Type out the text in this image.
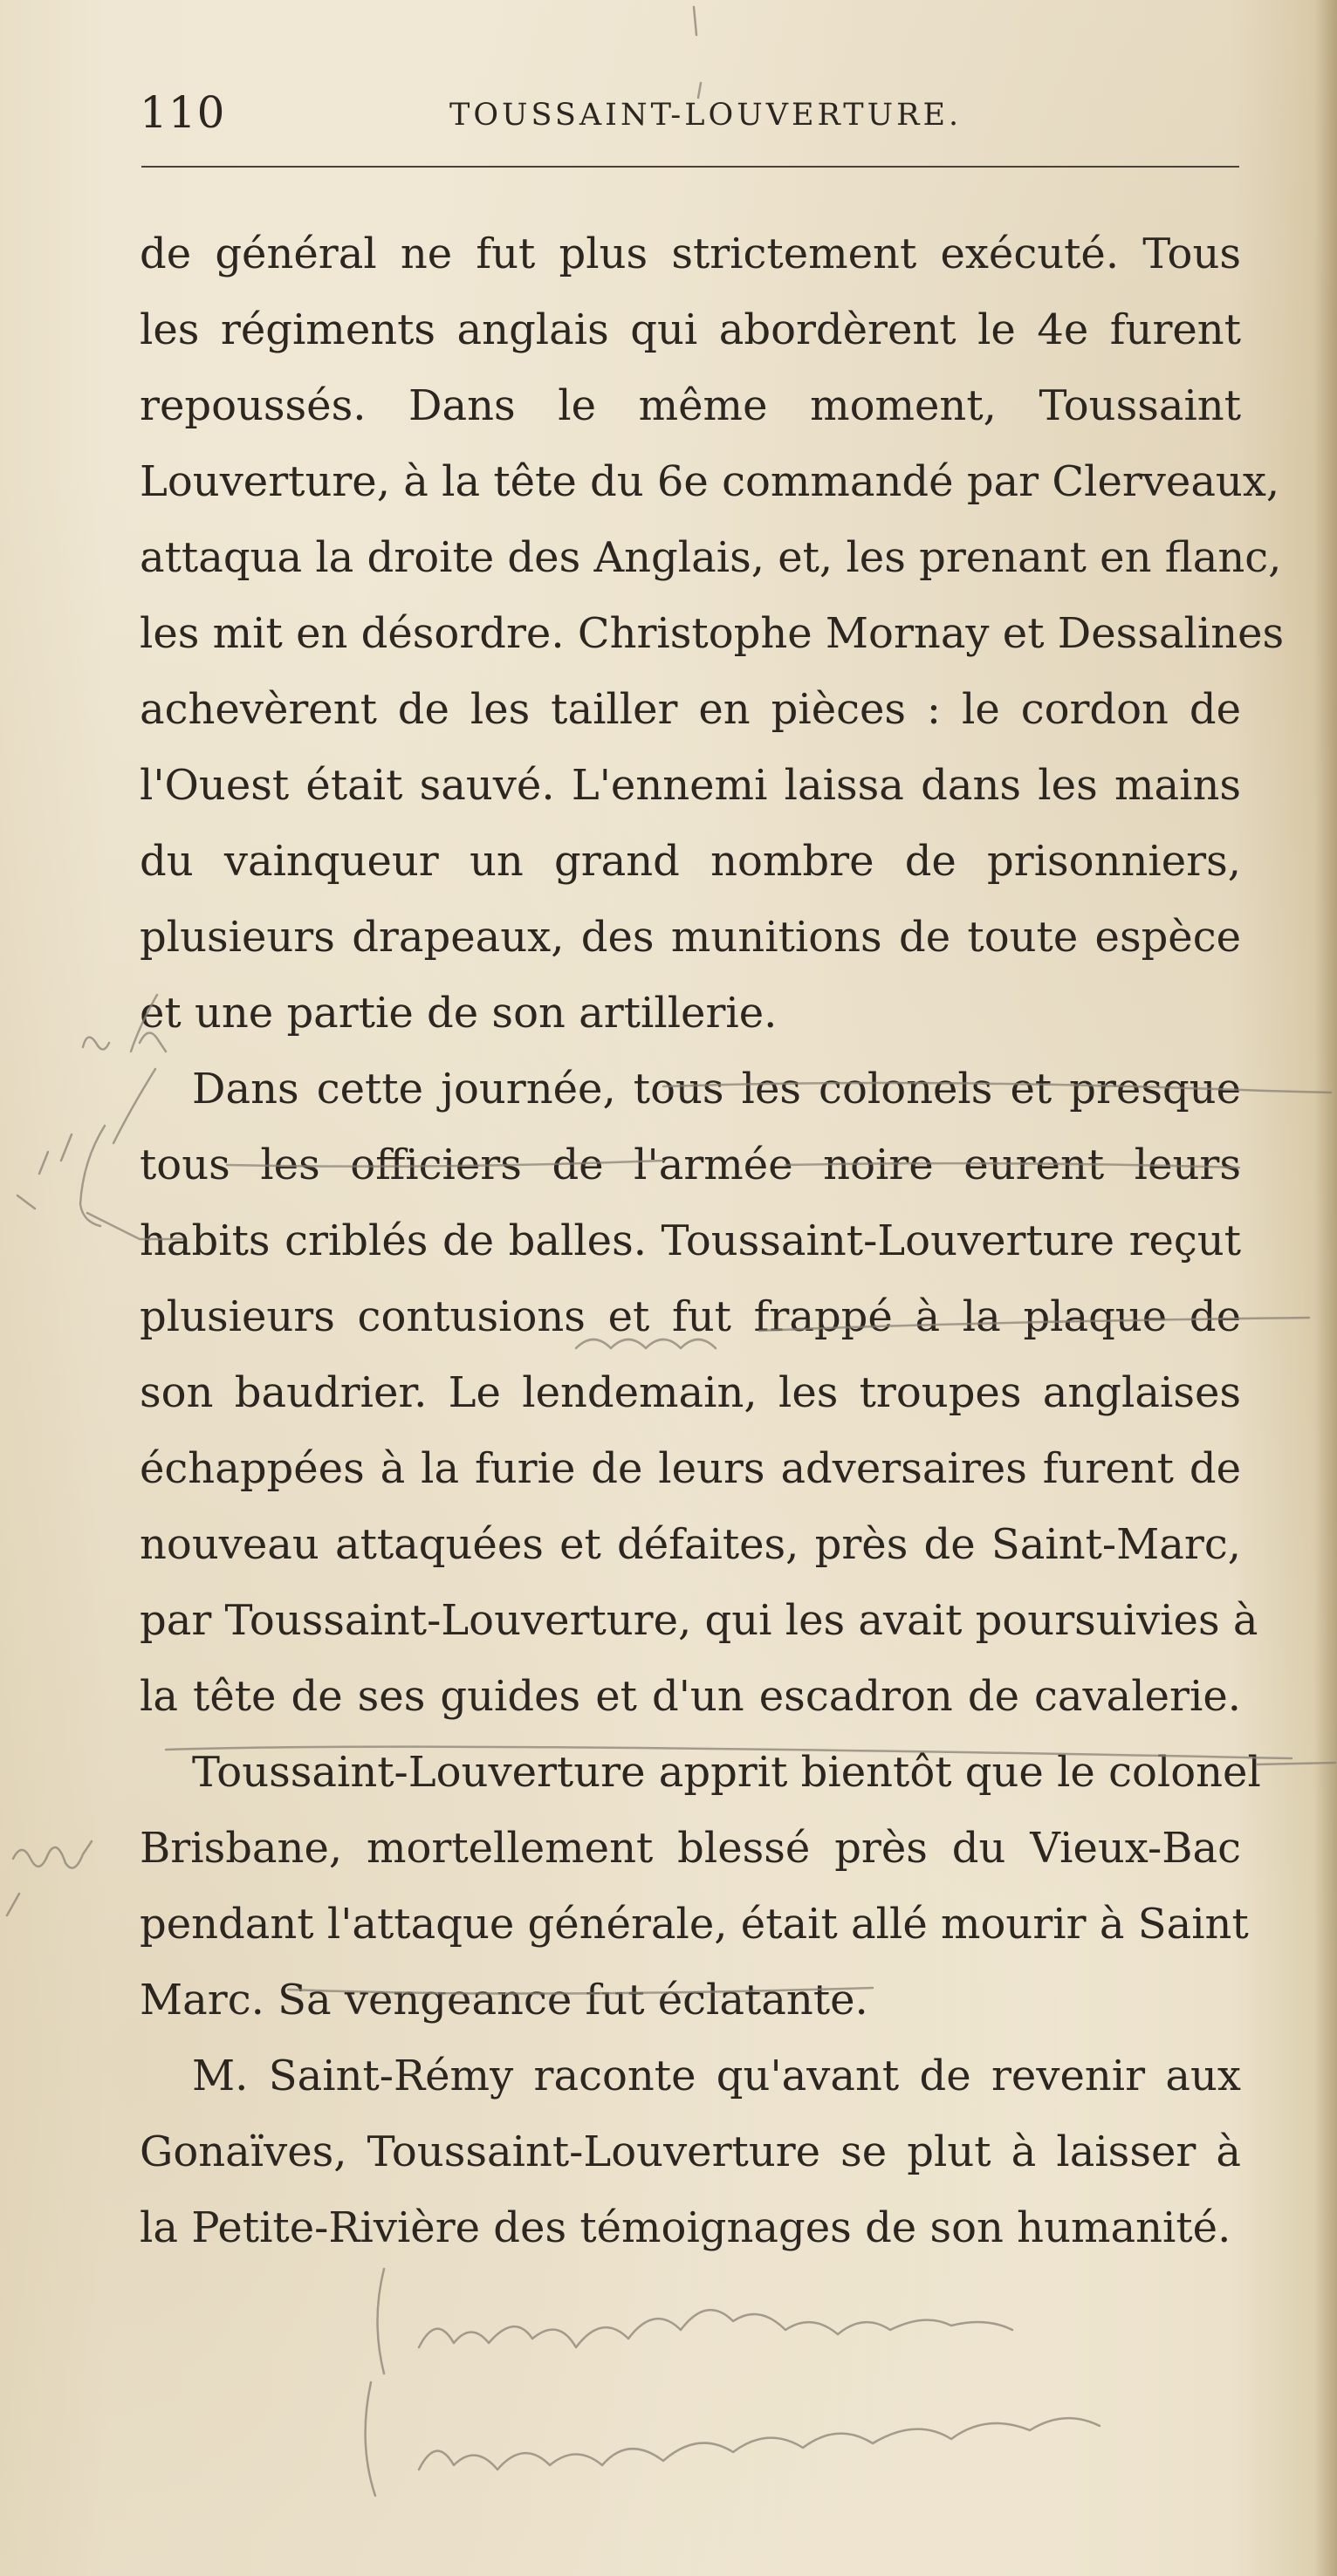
110	TOUSSAINT-LOUVERTURE.
de général ne fut plus strictement exécuté. Tous
les régiments anglais qui abordèrent le 4e furent
repoussés. Dans le même moment, Toussaint
Louverture, à la tête du 6e commandé par Clerveaux,
attaqua la droite des Anglais, et, les prenant en flanc,
les mit en désordre. Christophe Mornay et Dessalines
achevèrent de les tailler en pièces : le cordon de
l'Ouest était sauvé. L'ennemi laissa dans les mains
du vainqueur un grand nombre de prisonniers,
plusieurs drapeaux, des munitions de toute espèce
et une partie de son artillerie.
Dans cette journée, tous les colonels et presque
tous les officiers de l'armée noire eurent leurs
habits criblés de balles. Toussaint-Louverture reçut
plusieurs contusions et fut frappé à la plaque de
son baudrier. Le lendemain, les troupes anglaises
échappées à la furie de leurs adversaires furent de
nouveau attaquées et défaites, près de Saint-Marc,
par Toussaint-Louverture, qui les avait poursuivies à
la tête de ses guides et d'un escadron de cavalerie.
Toussaint-Louverture apprit bientôt que le colonel
Brisbane, mortellement blessé près du Vieux-Bac
pendant l'attaque générale, était allé mourir à Saint
Marc. Sa vengeance fut éclatante.
M. Saint-Rémy raconte qu'avant de revenir aux
Gonaïves, Toussaint-Louverture se plut à laisser à
la Petite-Rivière des témoignages de son humanité.
